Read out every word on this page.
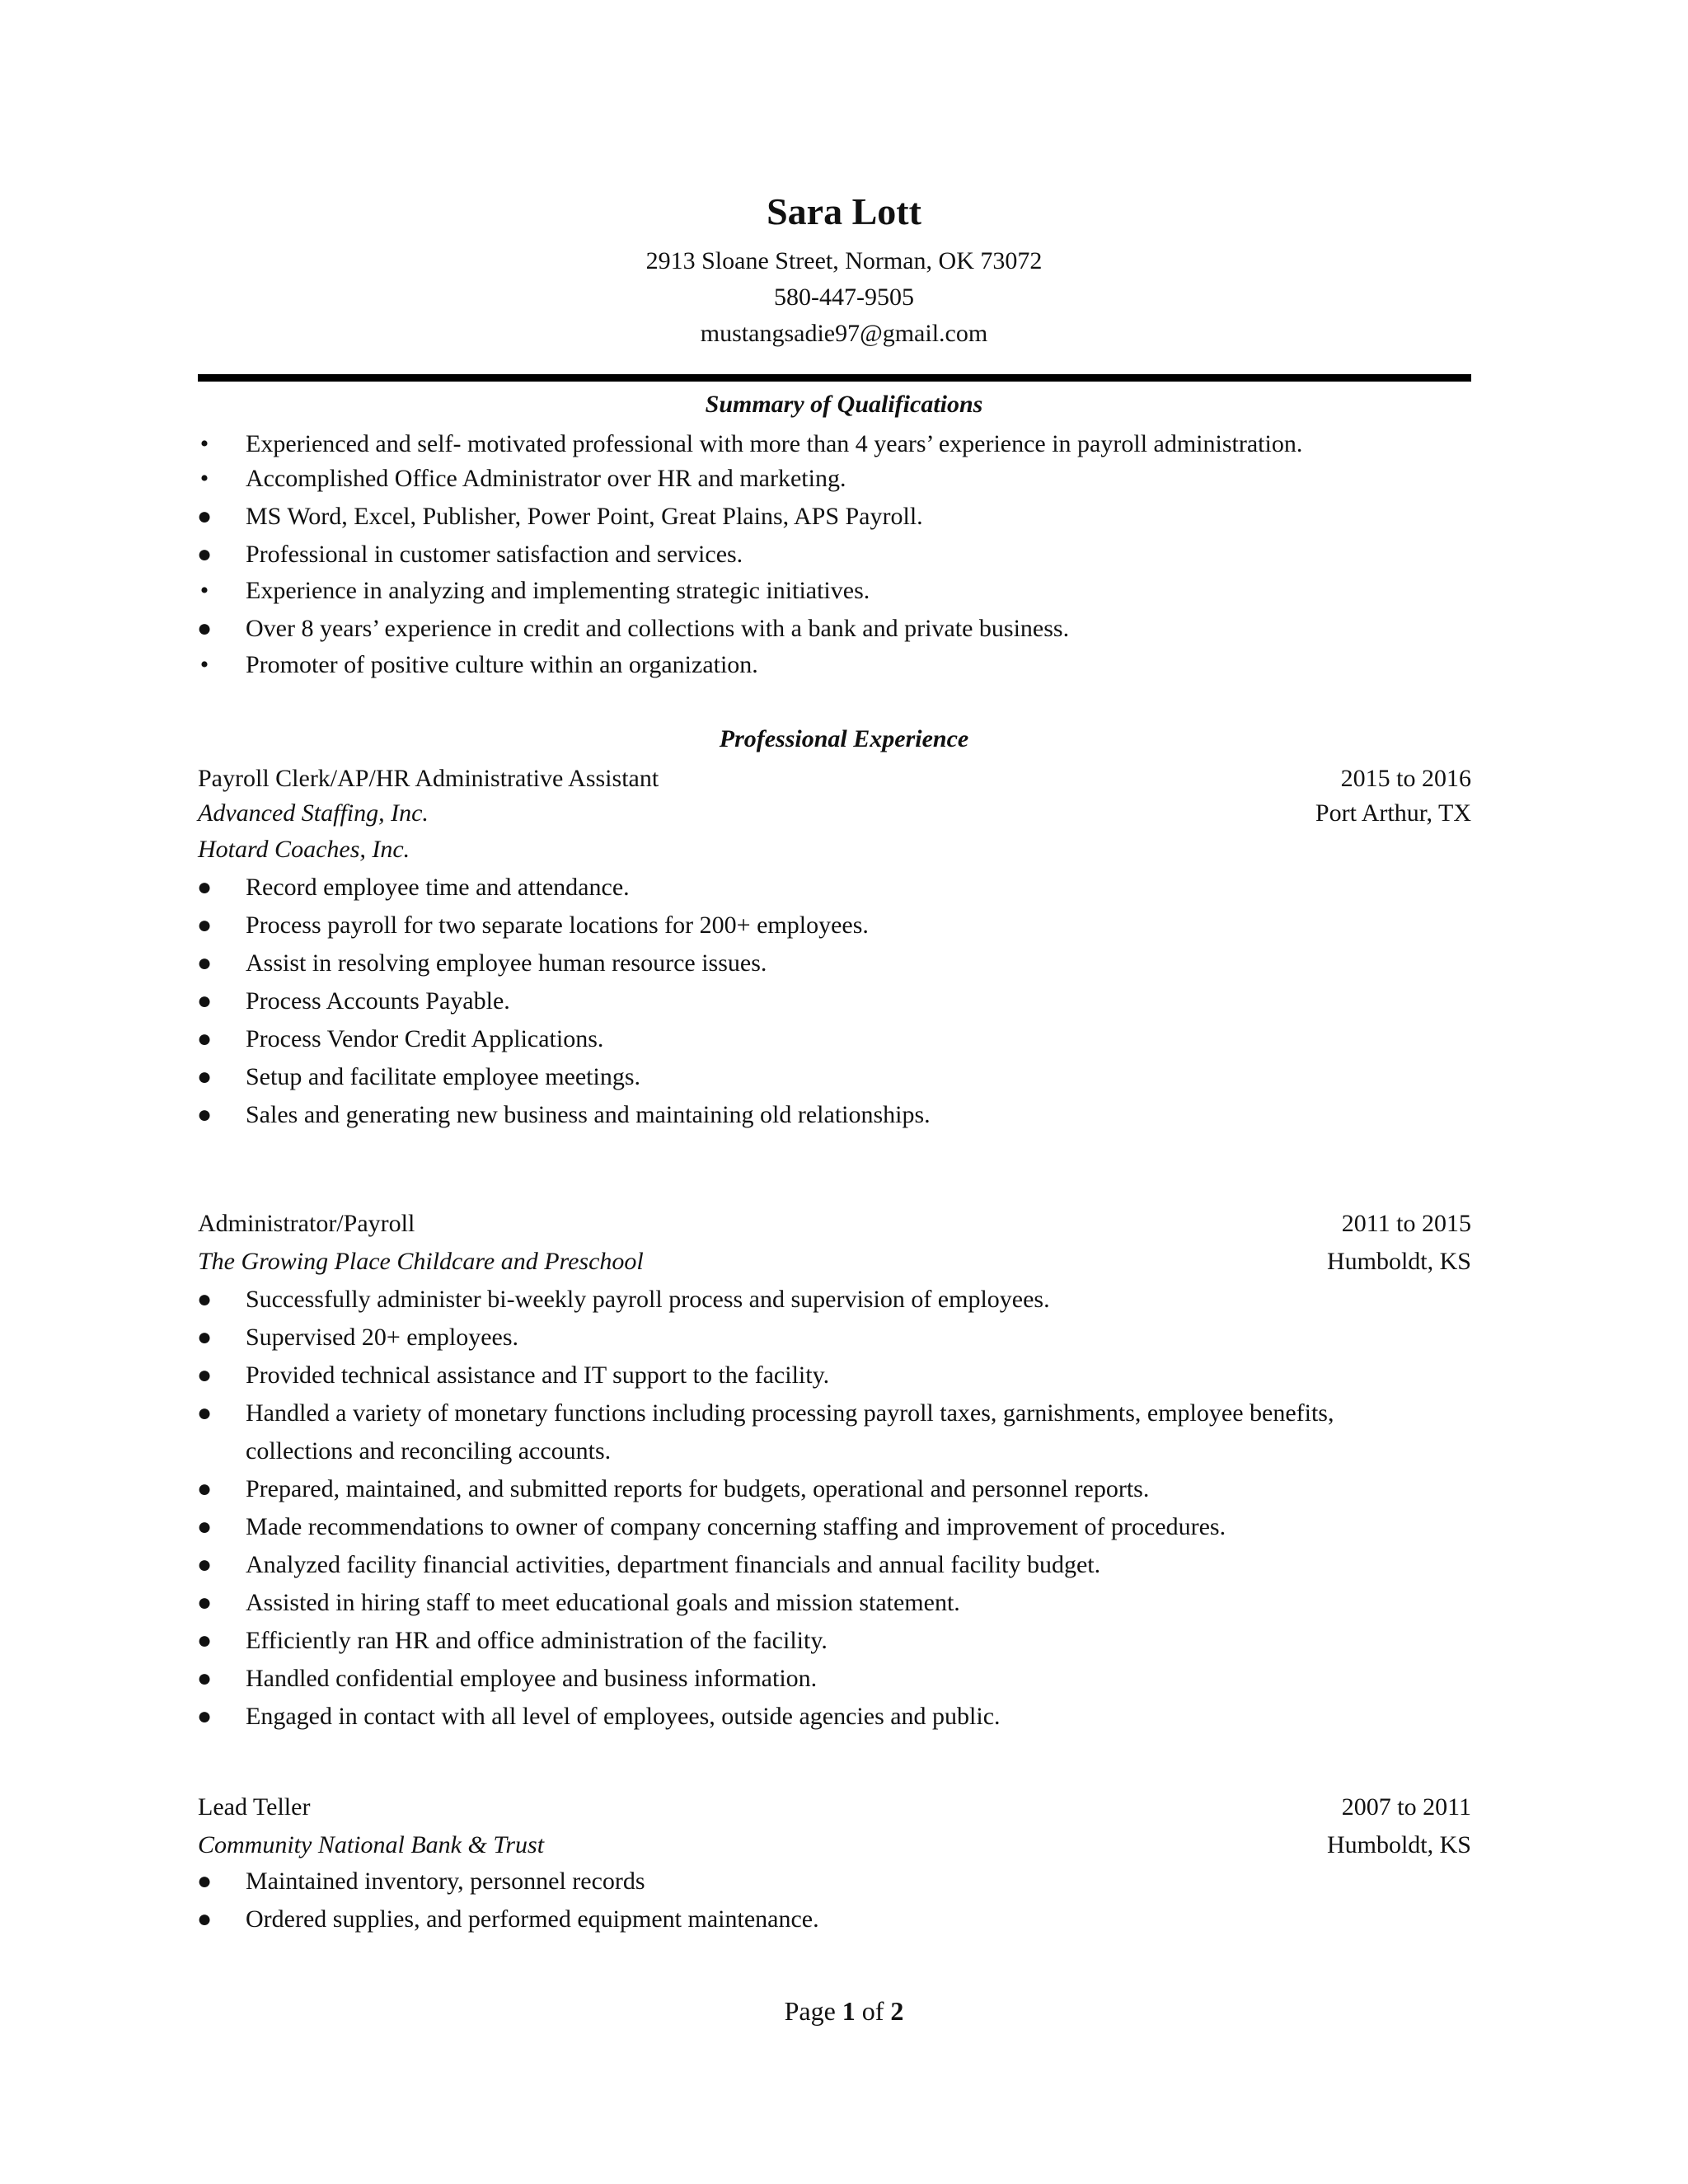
Sara Lott
2913 Sloane Street, Norman, OK 73072
580-447-9505
mustangsadie97@gmail.com
Summary of Qualifications
• Experienced and self- motivated professional with more than 4 years’ experience in payroll administration.
• Accomplished Office Administrator over HR and marketing.
● MS Word, Excel, Publisher, Power Point, Great Plains, APS Payroll.
● Professional in customer satisfaction and services.
• Experience in analyzing and implementing strategic initiatives.
● Over 8 years’ experience in credit and collections with a bank and private business.
• Promoter of positive culture within an organization.
Professional Experience
Payroll Clerk/AP/HR Administrative Assistant	2015 to 2016
Advanced Staffing, Inc.	Port Arthur, TX
Hotard Coaches, Inc.
● Record employee time and attendance.
● Process payroll for two separate locations for 200+ employees.
● Assist in resolving employee human resource issues.
● Process Accounts Payable.
● Process Vendor Credit Applications.
● Setup and facilitate employee meetings.
● Sales and generating new business and maintaining old relationships.
Administrator/Payroll	2011 to 2015
The Growing Place Childcare and Preschool	Humboldt, KS
● Successfully administer bi-weekly payroll process and supervision of employees.
● Supervised 20+ employees.
● Provided technical assistance and IT support to the facility.
● Handled a variety of monetary functions including processing payroll taxes, garnishments, employee benefits,
collections and reconciling accounts.
● Prepared, maintained, and submitted reports for budgets, operational and personnel reports.
● Made recommendations to owner of company concerning staffing and improvement of procedures.
● Analyzed facility financial activities, department financials and annual facility budget.
● Assisted in hiring staff to meet educational goals and mission statement.
● Efficiently ran HR and office administration of the facility.
● Handled confidential employee and business information.
● Engaged in contact with all level of employees, outside agencies and public.
Lead Teller	2007 to 2011
Community National Bank & Trust	Humboldt, KS
● Maintained inventory, personnel records
● Ordered supplies, and performed equipment maintenance.
Page 1 of 2
